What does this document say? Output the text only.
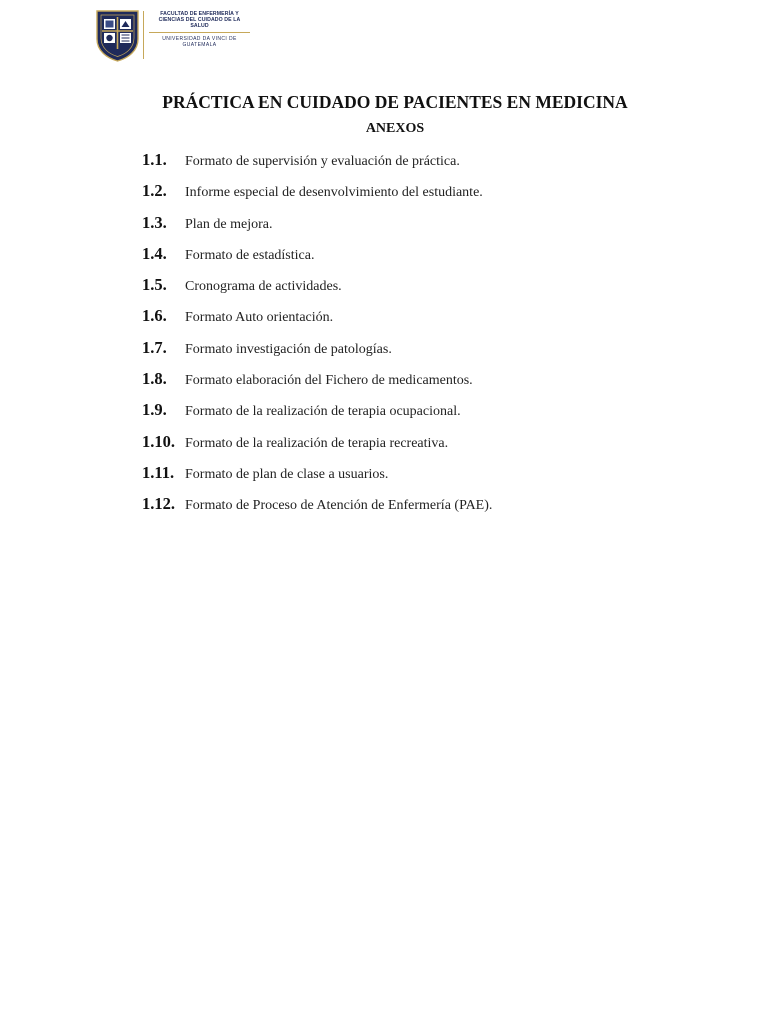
FACULTAD DE ENFERMERÍA Y CIENCIAS DEL CUIDADO DE LA SALUD
UNIVERSIDAD DA VINCI DE GUATEMALA
PRÁCTICA EN CUIDADO DE PACIENTES EN MEDICINA
ANEXOS
1.1.	Formato de supervisión y evaluación de práctica.
1.2.	Informe especial de desenvolvimiento del estudiante.
1.3.	Plan de mejora.
1.4.	Formato de estadística.
1.5.	Cronograma de actividades.
1.6.	Formato Auto orientación.
1.7.	Formato investigación de patologías.
1.8.	Formato elaboración del Fichero de medicamentos.
1.9.	Formato de la realización de terapia ocupacional.
1.10. Formato de la realización de terapia recreativa.
1.11. Formato de plan de clase a usuarios.
1.12. Formato de Proceso de Atención de Enfermería (PAE).
